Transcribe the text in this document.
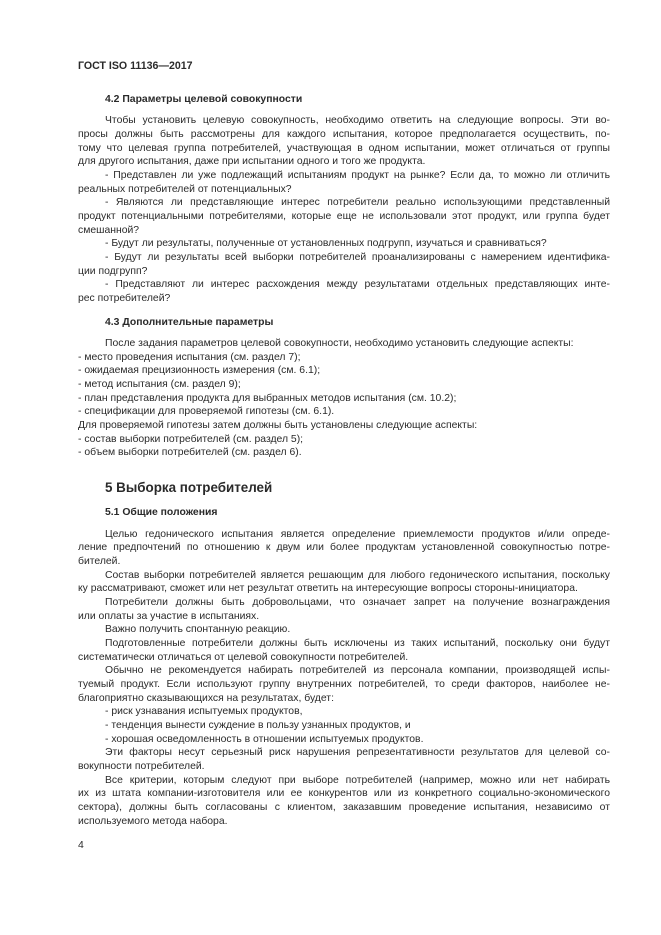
ГОСТ ISO 11136—2017
4.2 Параметры целевой совокупности
Чтобы установить целевую совокупность, необходимо ответить на следующие вопросы. Эти во-
просы должны быть рассмотрены для каждого испытания, которое предполагается осуществить, по-
тому что целевая группа потребителей, участвующая в одном испытании, может отличаться от группы
для другого испытания, даже при испытании одного и того же продукта.
- Представлен ли уже подлежащий испытаниям продукт на рынке? Если да, то можно ли отличить
реальных потребителей от потенциальных?
- Являются ли представляющие интерес потребители реально использующими представленный
продукт потенциальными потребителями, которые еще не использовали этот продукт, или группа будет
смешанной?
- Будут ли результаты, полученные от установленных подгрупп, изучаться и сравниваться?
- Будут ли результаты всей выборки потребителей проанализированы с намерением идентифика-
ции подгрупп?
- Представляют ли интерес расхождения между результатами отдельных представляющих инте-
рес потребителей?
4.3 Дополнительные параметры
После задания параметров целевой совокупности, необходимо установить следующие аспекты:
- место проведения испытания (см. раздел 7);
- ожидаемая прецизионность измерения (см. 6.1);
- метод испытания (см. раздел 9);
- план представления продукта для выбранных методов испытания (см. 10.2);
- спецификации для проверяемой гипотезы (см. 6.1).
Для проверяемой гипотезы затем должны быть установлены следующие аспекты:
- состав выборки потребителей (см. раздел 5);
- объем выборки потребителей (см. раздел 6).
5 Выборка потребителей
5.1 Общие положения
Целью гедонического испытания является определение приемлемости продуктов и/или опреде-
ление предпочтений по отношению к двум или более продуктам установленной совокупностью потре-
бителей.
Состав выборки потребителей является решающим для любого гедонического испытания, поскольку
ку рассматривают, сможет или нет результат ответить на интересующие вопросы стороны-инициатора.
Потребители должны быть добровольцами, что означает запрет на получение вознаграждения
или оплаты за участие в испытаниях.
Важно получить спонтанную реакцию.
Подготовленные потребители должны быть исключены из таких испытаний, поскольку они будут
систематически отличаться от целевой совокупности потребителей.
Обычно не рекомендуется набирать потребителей из персонала компании, производящей испы-
туемый продукт. Если используют группу внутренних потребителей, то среди факторов, наиболее не-
благоприятно сказывающихся на результатах, будет:
- риск узнавания испытуемых продуктов,
- тенденция вынести суждение в пользу узнанных продуктов, и
- хорошая осведомленность в отношении испытуемых продуктов.
Эти факторы несут серьезный риск нарушения репрезентативности результатов для целевой со-
вокупности потребителей.
Все критерии, которым следуют при выборе потребителей (например, можно или нет набирать
их из штата компании-изготовителя или ее конкурентов или из конкретного социально-экономического
сектора), должны быть согласованы с клиентом, заказавшим проведение испытания, независимо от
используемого метода набора.
4
